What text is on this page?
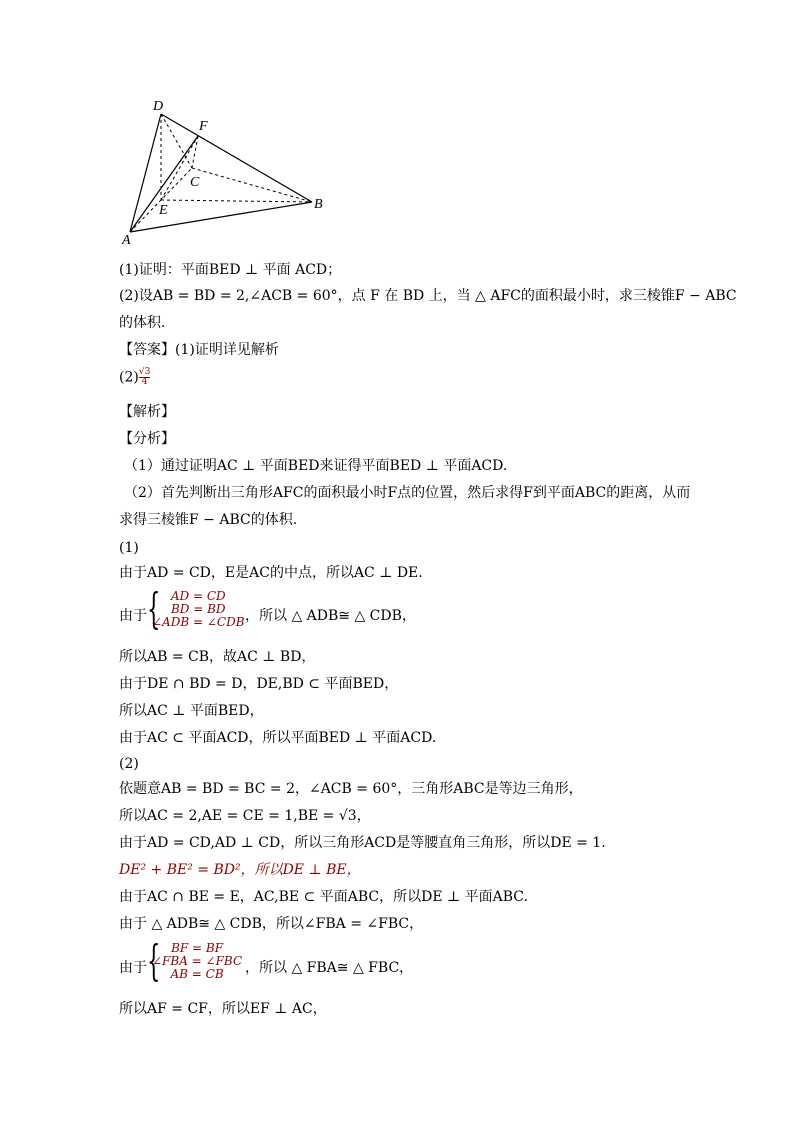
D
F
C
E	B
A
(1)证明：平面BED ⊥ 平面 ACD；
(2)设AB = BD = 2,∠ACB = 60°，点 F 在 BD 上，当 △ AFC的面积最小时，求三棱锥F − ABC
的体积．
【答案】(1)证明详见解析
$(2) \frac{√3}{4}$
【解析】
【分析】
（1）通过证明AC ⊥ 平面BED来证得平面BED ⊥ 平面ACD.
（2）首先判断出三角形AFC的面积最小时F点的位置，然后求得F到平面ABC的距离，从而
求得三棱锥F − ABC的体积.
(1)
由于AD = CD，E是AC的中点，所以AC ⊥ DE.
由于 { AD = CD
BD = BD
∠ADB = ∠CDB ，所以 △ ADB≅ △ CDB，
所以AB = CB，故AC ⊥ BD，
由于DE ∩ BD = D，DE,BD ⊂ 平面BED，
所以AC ⊥ 平面BED，
由于AC ⊂ 平面ACD，所以平面BED ⊥ 平面ACD.
(2)
依题意AB = BD = BC = 2，∠ACB = 60°，三角形ABC是等边三角形，
所以AC = 2,AE = CE = 1,BE = √3，
由于AD = CD,AD ⊥ CD，所以三角形ACD是等腰直角三角形，所以DE = 1.
DE² + BE² = BD²，所以DE ⊥ BE，
由于AC ∩ BE = E，AC,BE ⊂ 平面ABC，所以DE ⊥ 平面ABC.
由于 △ ADB≅ △ CDB，所以∠FBA = ∠FBC，
由于 { BF = BF
∠FBA = ∠FBC
AB = CB	，所以 △ FBA≅ △ FBC，
所以AF = CF，所以EF ⊥ AC，
